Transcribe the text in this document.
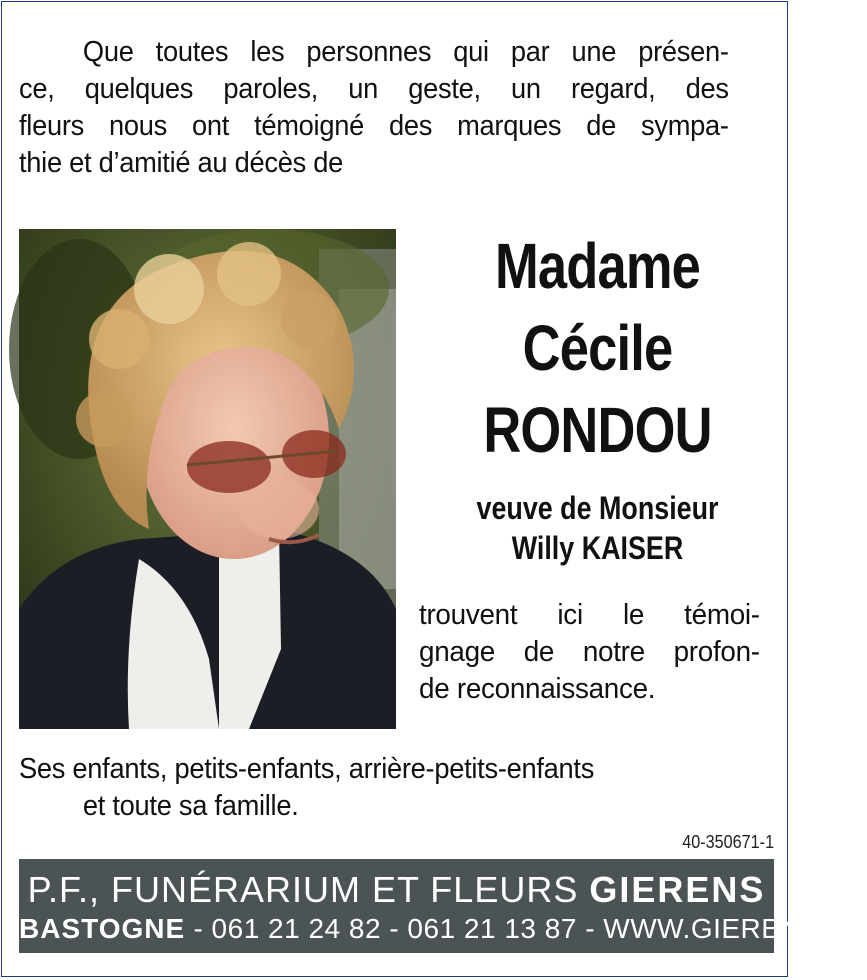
Que toutes les personnes qui par une présen-
ce, quelques paroles, un geste, un regard, des
fleurs nous ont témoigné des marques de sympa-
thie et d’amitié au décès de
Madame
Cécile
RONDOU
veuve de Monsieur
Willy KAISER
trouvent ici le témoi-
gnage de notre profon-
de reconnaissance.
Ses enfants, petits-enfants, arrière-petits-enfants
et toute sa famille.
40-350671-1
P.F., FUNÉRARIUM ET FLEURS GIERENS
BASTOGNE - 061 21 24 82 - 061 21 13 87 - WWW.GIERENS.BE
